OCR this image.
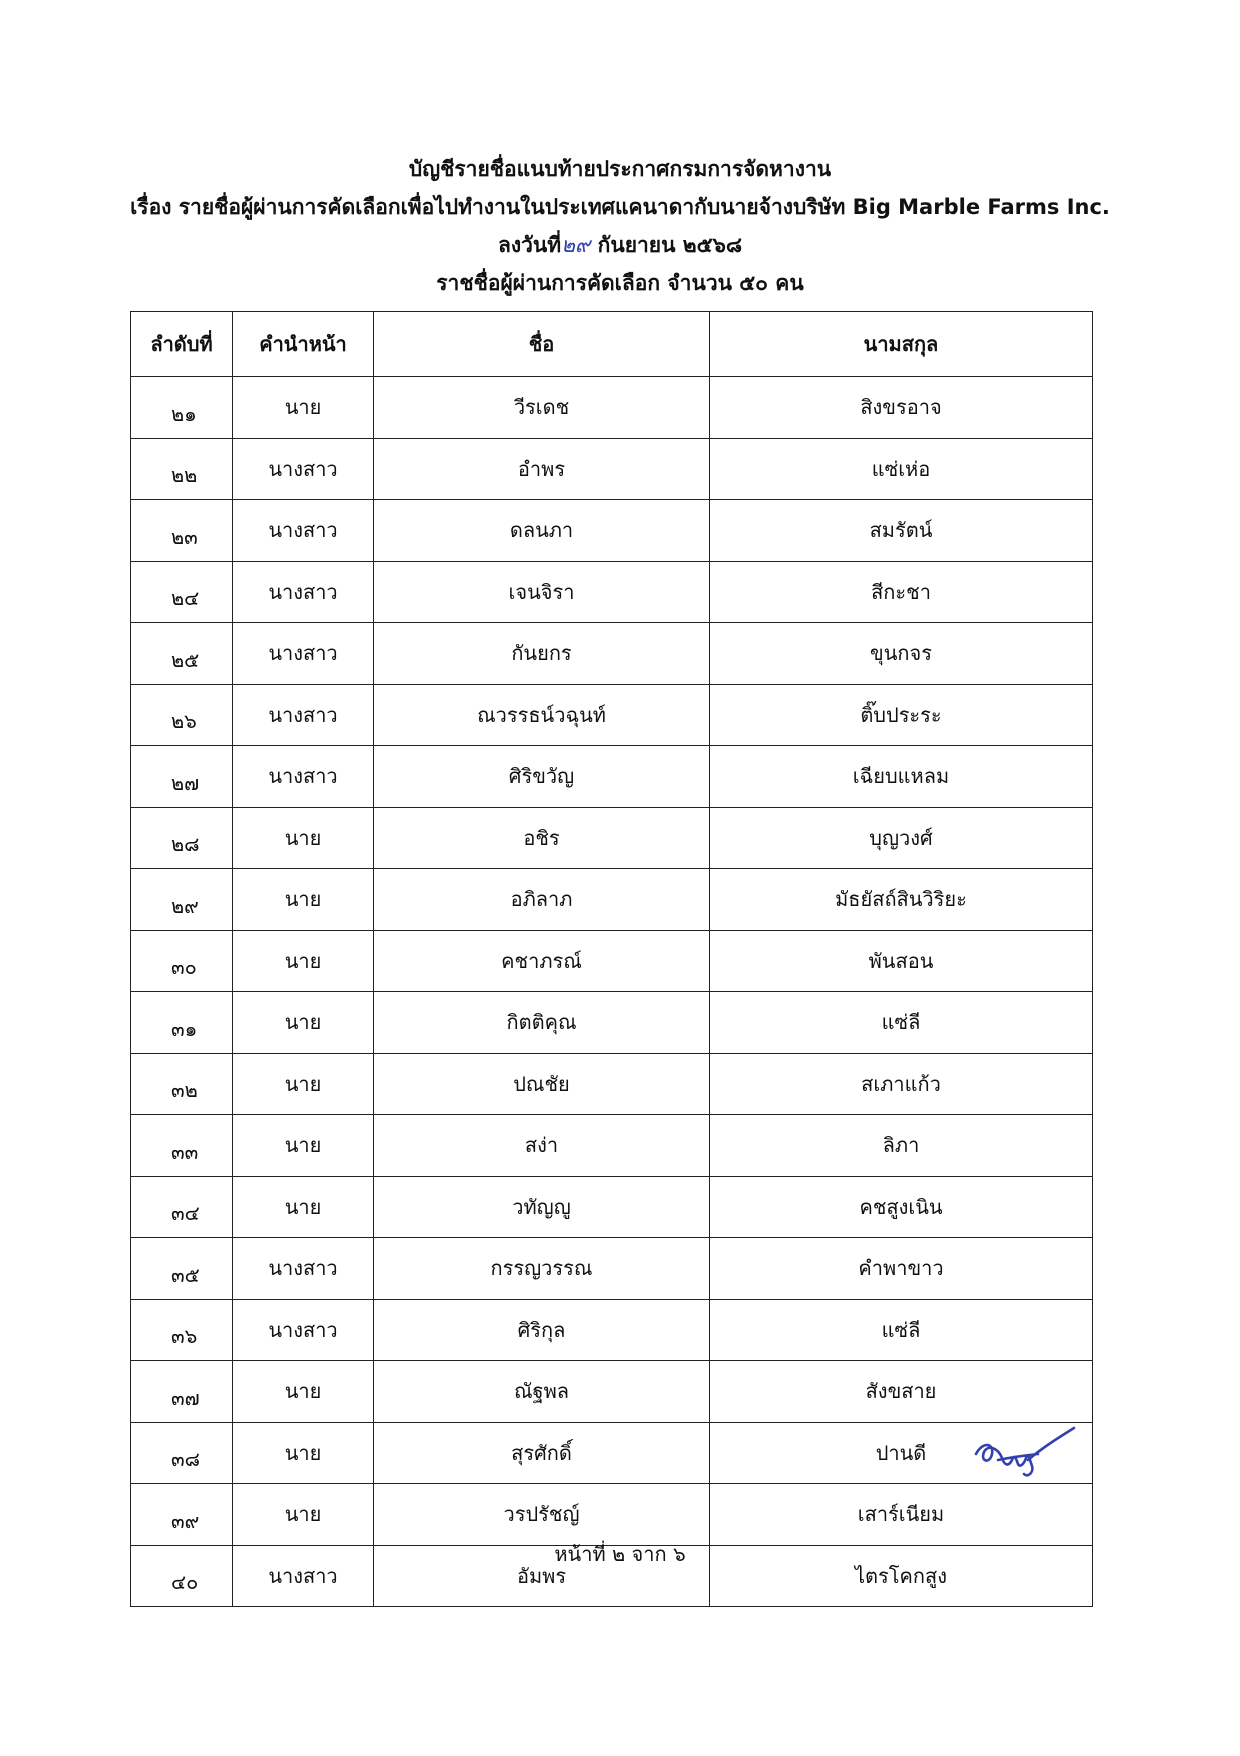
บัญชีรายชื่อแนบท้ายประกาศกรมการจัดหางาน
เรื่อง รายชื่อผู้ผ่านการคัดเลือกเพื่อไปทำงานในประเทศแคนาดากับนายจ้างบริษัท Big Marble Farms Inc.
ลงวันที่๒๙ กันยายน ๒๕๖๘
ราชชื่อผู้ผ่านการคัดเลือก จำนวน ๕๐ คน
ลำดับที่	คำนำหน้า	ชื่อ	นามสกุล
๒๑	นาย	วีรเดช	สิงขรอาจ
๒๒	นางสาว	อำพร	แซ่เห่อ
๒๓	นางสาว	ดลนภา	สมรัตน์
๒๔	นางสาว	เจนจิรา	สีกะชา
๒๕	นางสาว	กันยกร	ขุนกจร
๒๖	นางสาว	ณวรรธน์วฉุนท์	ติ๊บประระ
๒๗	นางสาว	ศิริขวัญ	เฉียบแหลม
๒๘	นาย	อชิร	บุญวงศ์
๒๙	นาย	อภิลาภ	มัธยัสถ์สินวิริยะ
๓๐	นาย	คชาภรณ์	พันสอน
๓๑	นาย	กิตติคุณ	แซ่ลี
๓๒	นาย	ปณชัย	สเภาแก้ว
๓๓	นาย	สง่า	ลิภา
๓๔	นาย	วทัญญู	คชสูงเนิน
๓๕	นางสาว	กรรญวรรณ	คำพาขาว
๓๖	นางสาว	ศิริกุล	แซ่ลี
๓๗	นาย	ณัฐพล	สังขสาย
๓๘	นาย	สุรศักดิ์	ปานดี
๓๙	นาย	วรปรัชญ์	เสาร์เนียม
๔๐	นางสาว	อัมพร	ไตรโคกสูง
หน้าที่ ๒ จาก ๖
